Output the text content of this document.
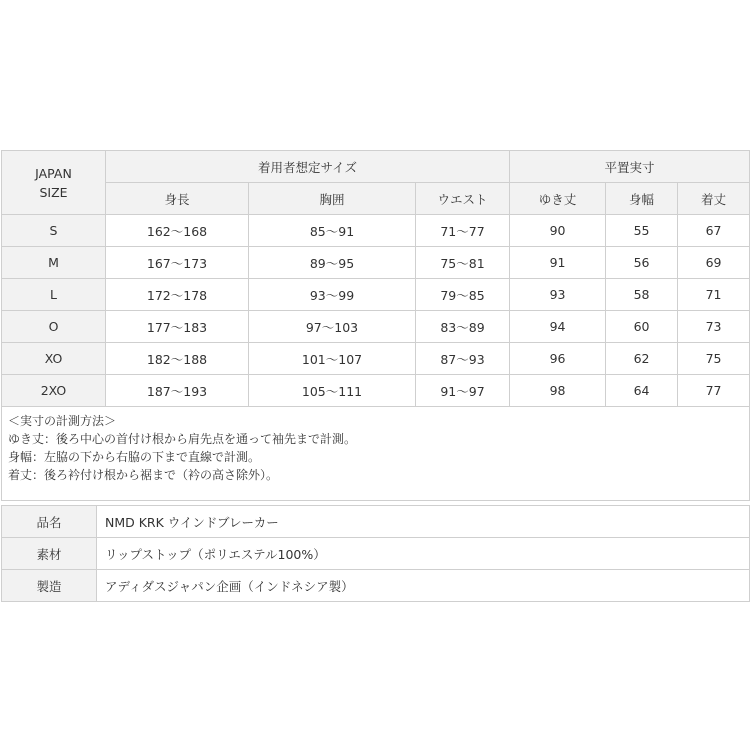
JAPAN
SIZE	着用者想定サイズ			平置実寸		
	身長	胸囲	ウエスト	ゆき丈	身幅	着丈
S	162〜168	85〜91	71〜77	90	55	67
M	167〜173	89〜95	75〜81	91	56	69
L	172〜178	93〜99	79〜85	93	58	71
O	177〜183	97〜103	83〜89	94	60	73
XO	182〜188	101〜107	87〜93	96	62	75
2XO	187〜193	105〜111	91〜97	98	64	77

＜実寸の計測方法＞
ゆき丈：後ろ中心の首付け根から肩先点を通って袖先まで計測。
身幅：左脇の下から右脇の下まで直線で計測。
着丈：後ろ衿付け根から裾まで（衿の高さ除外）。						
品名	NMD KRK ウインドブレーカー
素材	リップストップ（ポリエステル100%）
製造	アディダスジャパン企画（インドネシア製）
